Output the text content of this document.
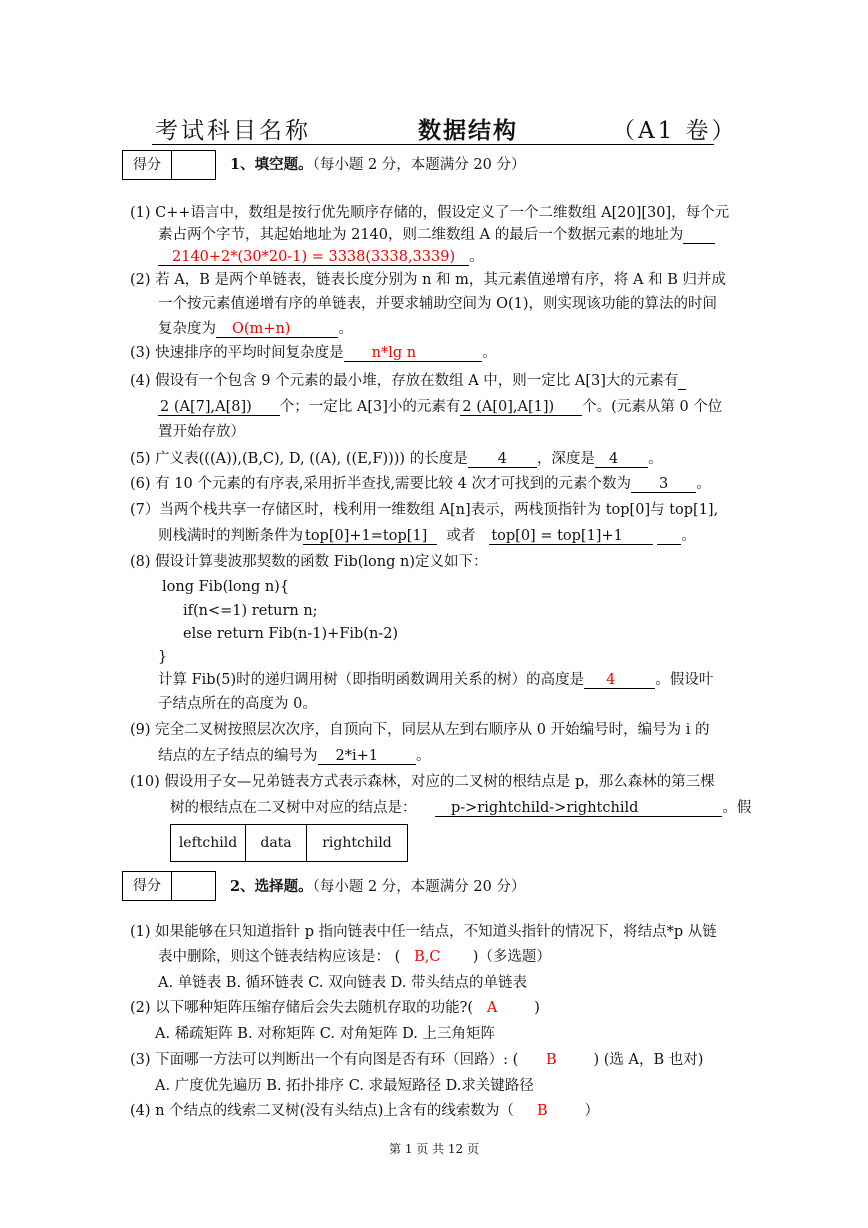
考试科目名称	数据结构	（A1 卷）
得分	1、填空题。（每小题 2 分，本题满分 20 分）
(1) C++语言中，数组是按行优先顺序存储的，假设定义了一个二维数组 A[20][30]，每个元
素占两个字节，其起始地址为 2140，则二维数组 A 的最后一个数据元素的地址为
2140+2*(30*20-1) = 3338(3338,3339) 。
(2) 若 A，B 是两个单链表，链表长度分别为 n 和 m，其元素值递增有序，将 A 和 B 归并成
一个按元素值递增有序的单链表，并要求辅助空间为 O(1)，则实现该功能的算法的时间
复杂度为 O(m+n)	。
(3) 快速排序的平均时间复杂度是 n*lg n	。
(4) 假设有一个包含 9 个元素的最小堆，存放在数组 A 中，则一定比 A[3]大的元素有
2 (A[7],A[8]) 个；一定比 A[3]小的元素有 2 (A[0],A[1]) 个。(元素从第 0 个位
置开始存放）
(5) 广义表(((A)),(B,C), D, ((A), ((E,F)))) 的长度是 4 ，深度是 4 。
(6) 有 10 个元素的有序表,采用折半查找,需要比较 4 次才可找到的元素个数为 3 。
(7）当两个栈共享一存储区时，栈利用一维数组 A[n]表示，两栈顶指针为 top[0]与 top[1],
则栈满时的判断条件为 top[0]+1=top[1] 或者 top[0] = top[1]+1	。
(8) 假设计算斐波那契数的函数 Fib(long n)定义如下：
long Fib(long n){
if(n<=1) return n;
else return Fib(n-1)+Fib(n-2)
}
计算 Fib(5)时的递归调用树（即指明函数调用关系的树）的高度是 4	。假设叶
子结点所在的高度为 0。
(9) 完全二叉树按照层次次序，自顶向下，同层从左到右顺序从 0 开始编号时，编号为 i 的
结点的左子结点的编号为 2*i+1	。
(10) 假设用子女—兄弟链表方式表示森林，对应的二叉树的根结点是 p，那么森林的第三棵
树的根结点在二叉树中对应的结点是： p->rightchild->rightchild	。假
leftchild	data	rightchild
得分	2、选择题。（每小题 2 分，本题满分 20 分）
(1) 如果能够在只知道指针 p 指向链表中任一结点，不知道头指针的情况下，将结点*p 从链
表中删除，则这个链表结构应该是： ( B,C )（多选题）
A. 单链表 B. 循环链表 C. 双向链表 D. 带头结点的单链表
(2) 以下哪种矩阵压缩存储后会失去随机存取的功能?( A	)
A. 稀疏矩阵 B. 对称矩阵 C. 对角矩阵 D. 上三角矩阵
(3) 下面哪一方法可以判断出一个有向图是否有环（回路）: ( B	) (选 A，B 也对)
A. 广度优先遍历 B. 拓扑排序 C. 求最短路径 D.求关键路径
(4) n 个结点的线索二叉树(没有头结点)上含有的线索数为（ B	）
第 1 页 共 12 页
